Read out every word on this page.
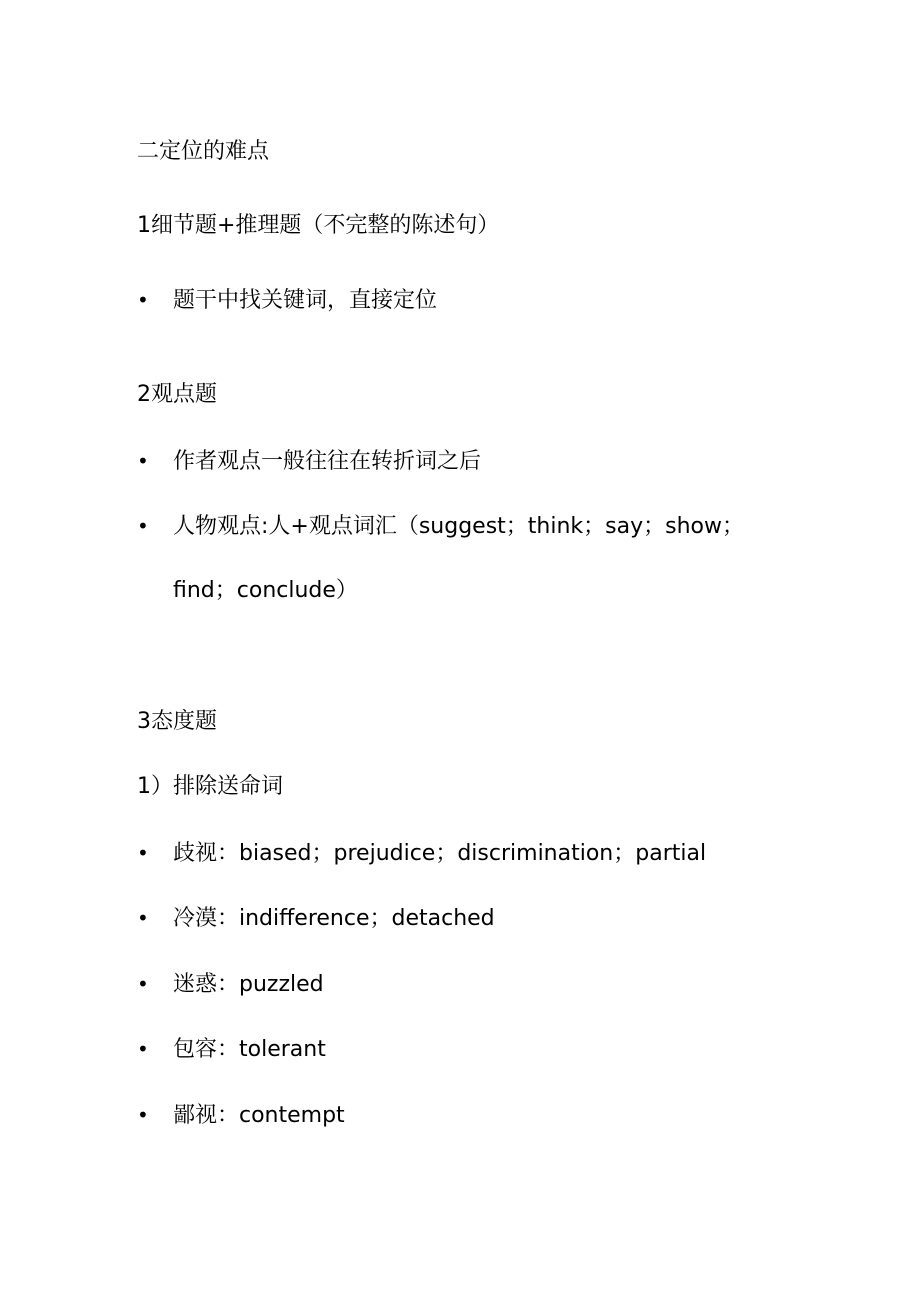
二定位的难点
1细节题+推理题（不完整的陈述句）
• 题干中找关键词，直接定位
2观点题
• 作者观点一般往往在转折词之后
• 人物观点:人+观点词汇（suggest；think；say；show；
find；conclude）
3态度题
1）排除送命词
• 歧视：biased；prejudice；discrimination；partial
• 冷漠：indifference；detached
• 迷惑：puzzled
• 包容：tolerant
• 鄙视：contempt
